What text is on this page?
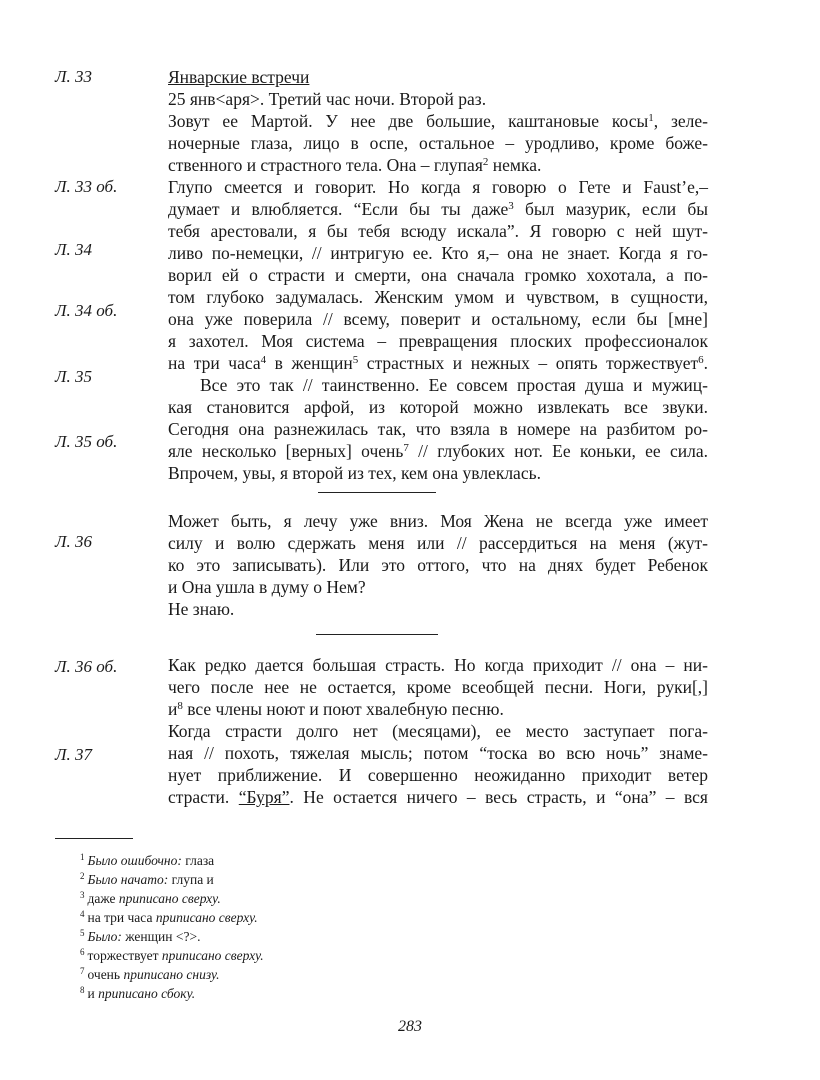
Л. 33
Л. 33 об.
Л. 34
Л. 34 об.
Л. 35
Л. 35 об.
Л. 36
Л. 36 об.
Л. 37
Январские встречи
25 янв<аря>. Третий час ночи. Второй раз.
Зовут ее Мартой. У нее две большие, каштановые косы$^1$, зеле-
ночерные глаза, лицо в оспе, остальное – уродливо, кроме боже-
ственного и страстного тела. Она – глупая$^2$ немка.
Глупо смеется и говорит. Но когда я говорю о Гете и Faust’е,–
думает и влюбляется. “Если бы ты даже$^3$ был мазурик, если бы
тебя арестовали, я бы тебя всюду искала”. Я говорю с ней шут-
ливо по-немецки, // интригую ее. Кто я,– она не знает. Когда я го-
ворил ей о страсти и смерти, она сначала громко хохотала, а по-
том глубоко задумалась. Женским умом и чувством, в сущности,
она уже поверила // всему, поверит и остальному, если бы [мне]
я захотел. Моя система – превращения плоских профессионалок
на три часа$^4$ в женщин$^5$ страстных и нежных – опять торжествует$^6$.
Все это так // таинственно. Ее совсем простая душа и мужиц-
кая становится арфой, из которой можно извлекать все звуки.
Сегодня она разнежилась так, что взяла в номере на разбитом ро-
яле несколько [верных] очень$^7$ // глубоких нот. Ее коньки, ее сила.
Впрочем, увы, я второй из тех, кем она увлеклась.
Может быть, я лечу уже вниз. Моя Жена не всегда уже имеет
силу и волю сдержать меня или // рассердиться на меня (жут-
ко это записывать). Или это оттого, что на днях будет Ребенок
и Она ушла в думу о Нем?
Не знаю.
Как редко дается большая страсть. Но когда приходит // она – ни-
чего после нее не остается, кроме всеобщей песни. Ноги, руки[,]
$и^8$ все члены ноют и поют хвалебную песню.
Когда страсти долго нет (месяцами), ее место заступает пога-
ная // похоть, тяжелая мысль; потом “тоска во всю ночь” знаме-
нует приближение. И совершенно неожиданно приходит ветер
страсти. “Буря”. Не остается ничего – весь страсть, и “она” – вся
$^1$ Было ошибочно: глаза
$^2$ Было начато: глупа и
$^3$ даже приписано сверху.
$^4$ на три часа приписано сверху.
$^5$ Было: женщин <?>.
$^6$ торжествует приписано сверху.
$^7$ очень приписано снизу.
$^8$ и приписано сбоку.
283
